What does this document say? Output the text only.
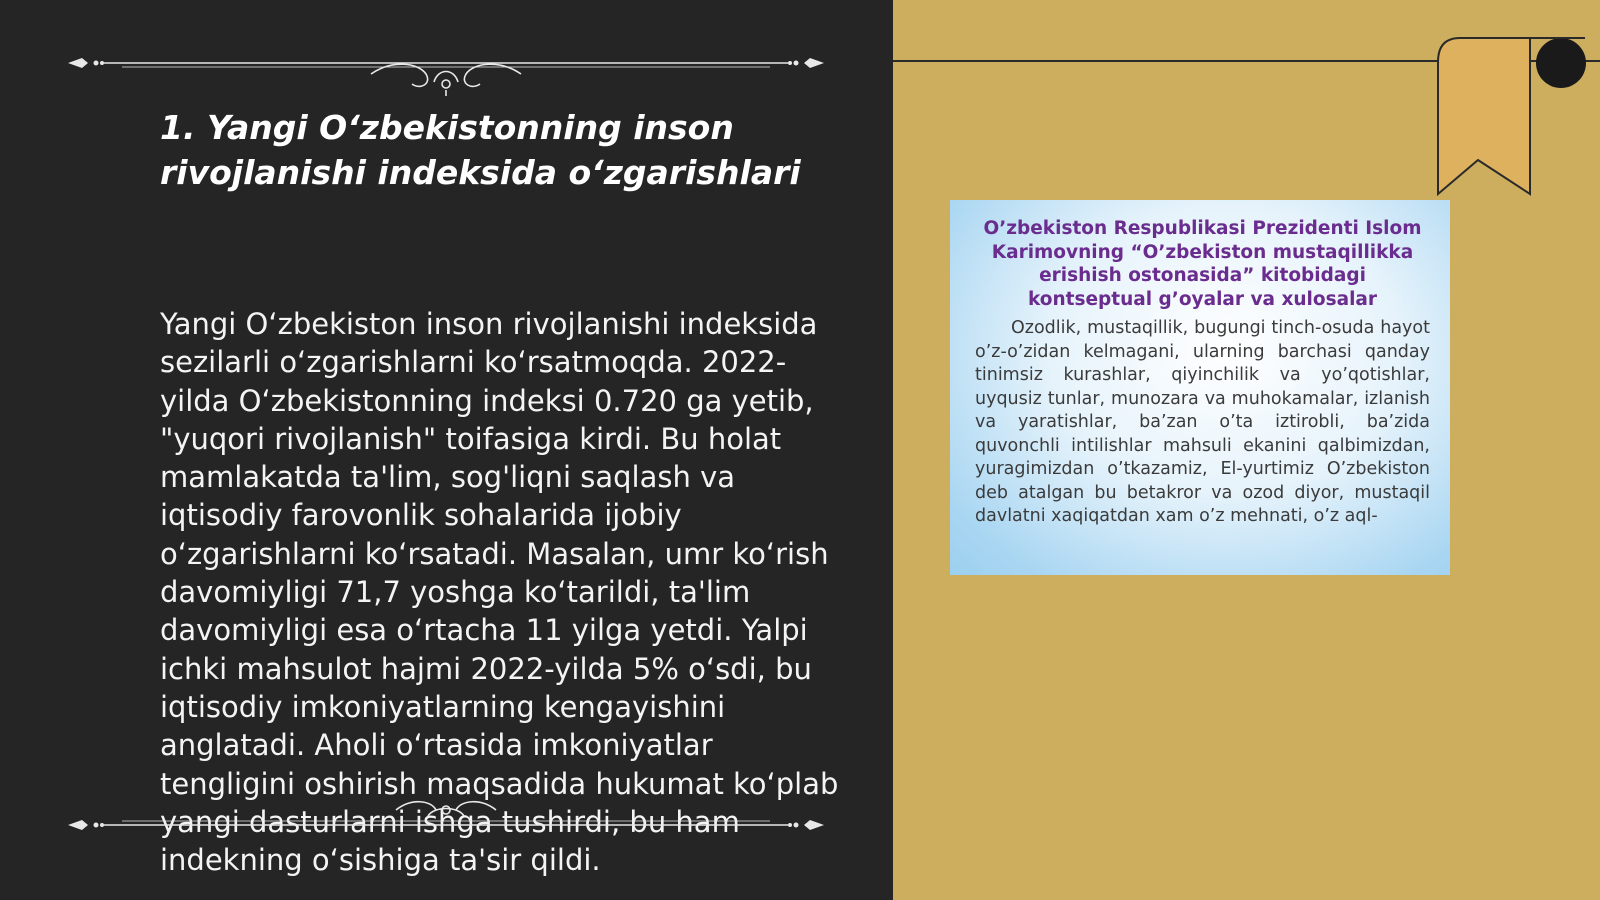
1. Yangi O‘zbekistonning inson rivojlanishi indeksida o‘zgarishlari

Yangi O‘zbekiston inson rivojlanishi indeksida sezilarli o‘zgarishlarni ko‘rsatmoqda. 2022-yilda O‘zbekistonning indeksi 0.720 ga yetib, "yuqori rivojlanish" toifasiga kirdi. Bu holat mamlakatda ta'lim, sog'liqni saqlash va iqtisodiy farovonlik sohalarida ijobiy o‘zgarishlarni ko‘rsatadi. Masalan, umr ko‘rish davomiyligi 71,7 yoshga ko‘tarildi, ta'lim davomiyligi esa o‘rtacha 11 yilga yetdi. Yalpi ichki mahsulot hajmi 2022-yilda 5% o‘sdi, bu iqtisodiy imkoniyatlarning kengayishini anglatadi. Aholi o‘rtasida imkoniyatlar tengligini oshirish maqsadida hukumat ko‘plab yangi dasturlarni ishga tushirdi, bu ham indekning o‘sishiga ta'sir qildi.

O’zbekiston Respublikasi Prezidenti Islom Karimovning “O’zbekiston mustaqillikka erishish ostonasida” kitobidagi kontseptual g’oyalar va xulosalar

Ozodlik, mustaqillik, bugungi tinch-osuda hayot o’z-o’zidan kelmagani, ularning barchasi qanday tinimsiz kurashlar, qiyinchilik va yo’qotishlar, uyqusiz tunlar, munozara va muhokamalar, izlanish va yaratishlar, ba’zan o’ta iztirobli, ba’zida quvonchli intilishlar mahsuli ekanini qalbimizdan, yuragimizdan o’tkazamiz, El-yurtimiz O’zbekiston deb atalgan bu betakror va ozod diyor, mustaqil davlatni xaqiqatdan xam o’z mehnati, o’z aql-
